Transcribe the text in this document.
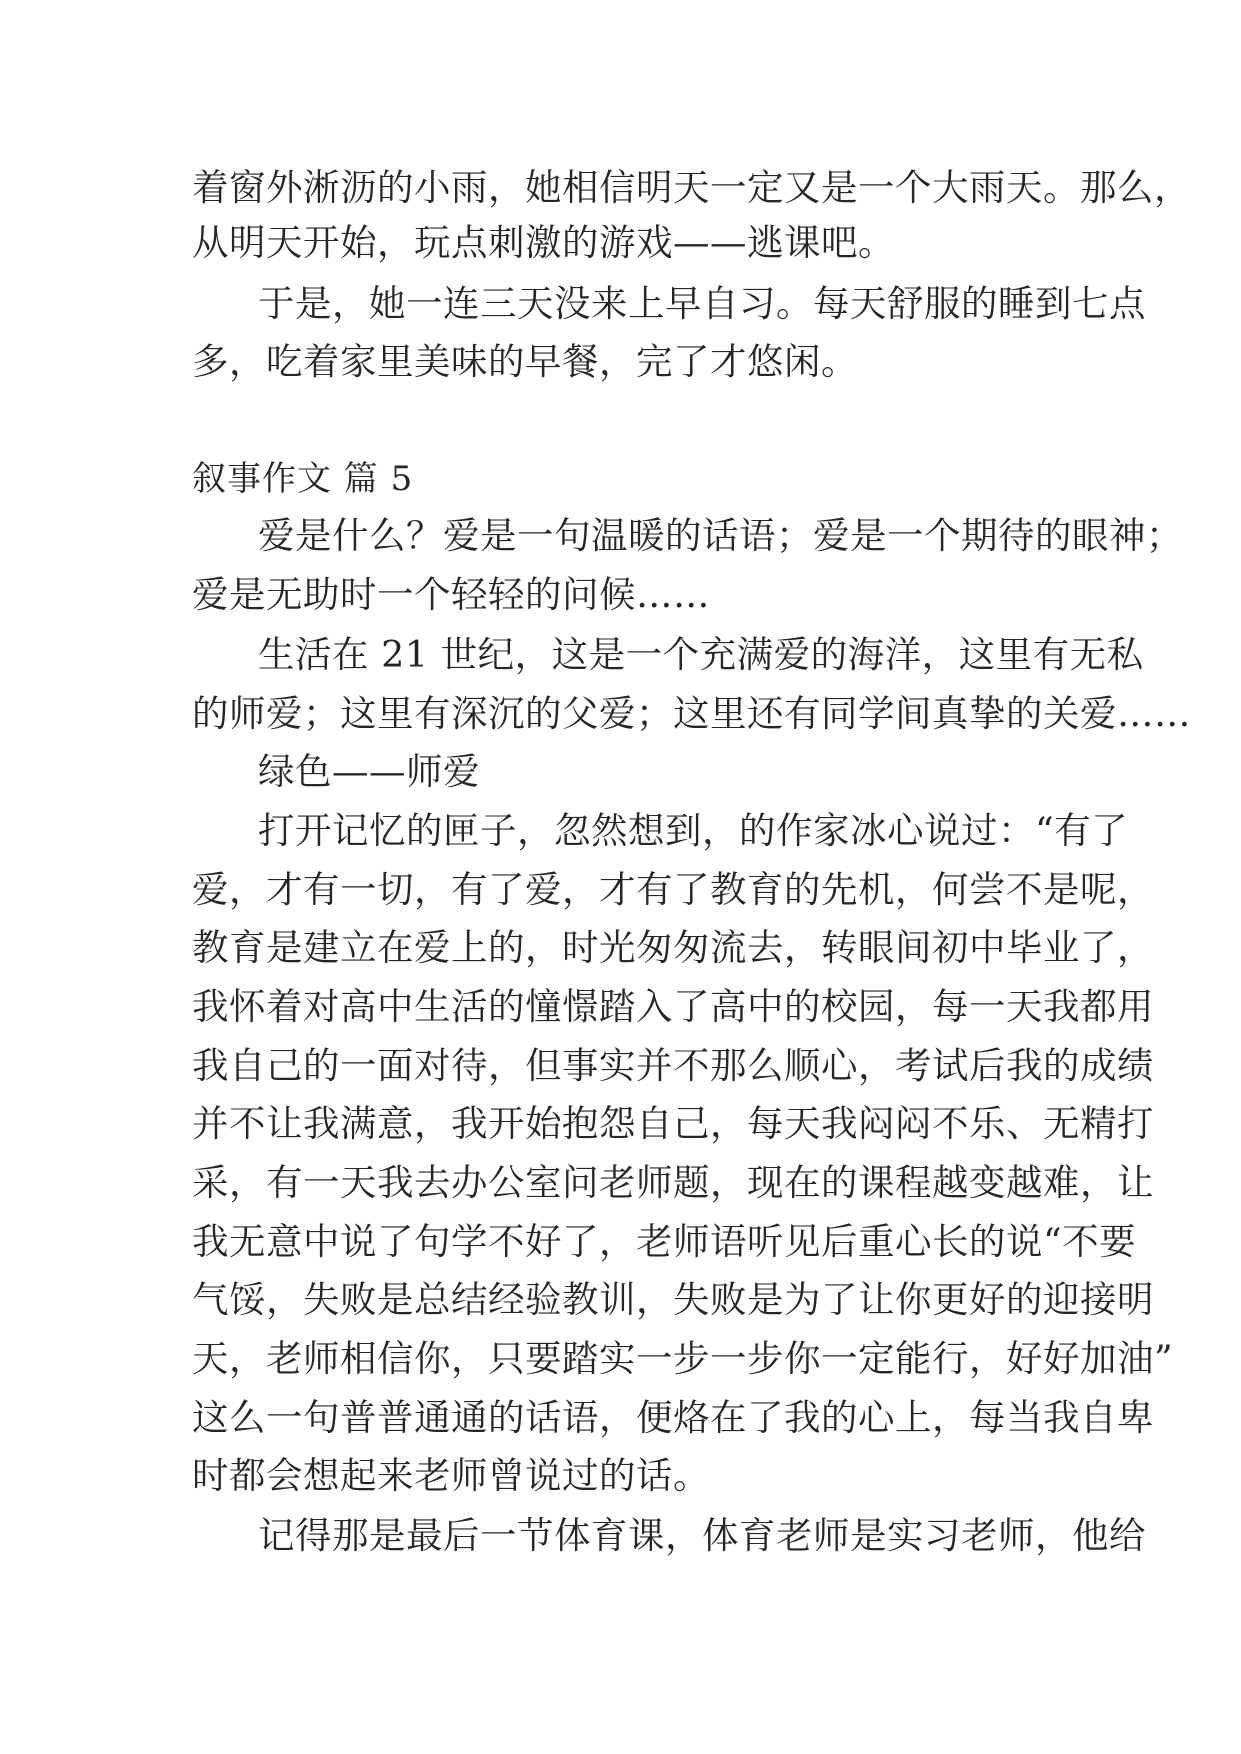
着窗外淅沥的小雨，她相信明天一定又是一个大雨天。那么，
从明天开始，玩点刺激的游戏——逃课吧。
于是，她一连三天没来上早自习。每天舒服的睡到七点
多，吃着家里美味的早餐，完了才悠闲。
叙事作文 篇 5
爱是什么？爱是一句温暖的话语；爱是一个期待的眼神；
爱是无助时一个轻轻的问候……
生活在 21 世纪，这是一个充满爱的海洋，这里有无私
的师爱；这里有深沉的父爱；这里还有同学间真挚的关爱……
绿色——师爱
打开记忆的匣子，忽然想到，的作家冰心说过：“有了
爱，才有一切，有了爱，才有了教育的先机，何尝不是呢，
教育是建立在爱上的，时光匆匆流去，转眼间初中毕业了，
我怀着对高中生活的憧憬踏入了高中的校园，每一天我都用
我自己的一面对待，但事实并不那么顺心，考试后我的成绩
并不让我满意，我开始抱怨自己，每天我闷闷不乐、无精打
采，有一天我去办公室问老师题，现在的课程越变越难，让
我无意中说了句学不好了，老师语听见后重心长的说“不要
气馁，失败是总结经验教训，失败是为了让你更好的迎接明
天，老师相信你，只要踏实一步一步你一定能行，好好加油”
这么一句普普通通的话语，便烙在了我的心上，每当我自卑
时都会想起来老师曾说过的话。
记得那是最后一节体育课，体育老师是实习老师，他给
